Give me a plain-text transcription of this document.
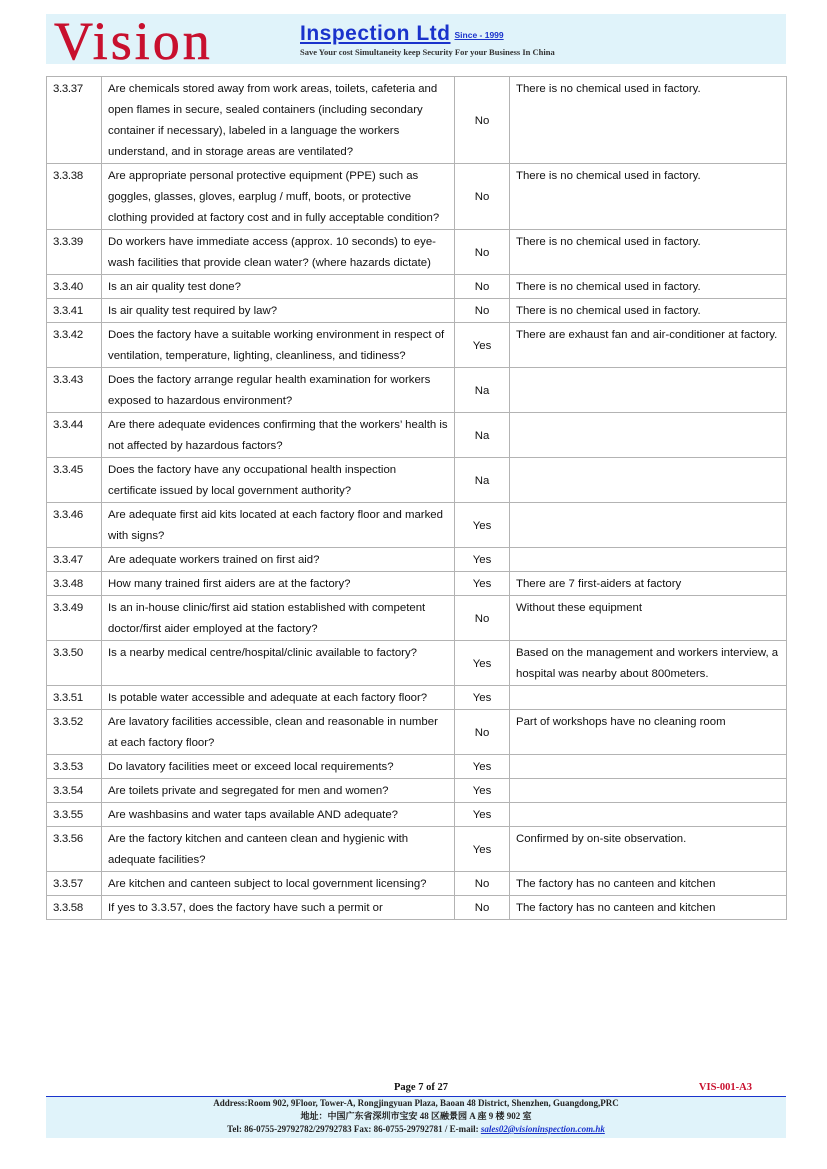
Vision	Inspection Ltd Since - 1999
Save Your cost Simultaneity keep Security For your Business In China
3.3.37	Are chemicals stored away from work areas, toilets, cafeteria and open flames in secure, sealed containers (including secondary container if necessary), labeled in a language the workers understand, and in storage areas are ventilated?	No	There is no chemical used in factory.
3.3.38	Are appropriate personal protective equipment (PPE) such as goggles, glasses, gloves, earplug / muff, boots, or protective clothing provided at factory cost and in fully acceptable condition?	No	There is no chemical used in factory.
3.3.39	Do workers have immediate access (approx. 10 seconds) to eye-wash facilities that provide clean water? (where hazards dictate)	No	There is no chemical used in factory.
3.3.40	Is an air quality test done?	No	There is no chemical used in factory.
3.3.41	Is air quality test required by law?	No	There is no chemical used in factory.
3.3.42	Does the factory have a suitable working environment in respect of ventilation, temperature, lighting, cleanliness, and tidiness?	Yes	There are exhaust fan and air-conditioner at factory.
3.3.43	Does the factory arrange regular health examination for workers exposed to hazardous environment?	Na	
3.3.44	Are there adequate evidences confirming that the workers’ health is not affected by hazardous factors?	Na	
3.3.45	Does the factory have any occupational health inspection certificate issued by local government authority?	Na	
3.3.46	Are adequate first aid kits located at each factory floor and marked with signs?	Yes	
3.3.47	Are adequate workers trained on first aid?	Yes	
3.3.48	How many trained first aiders are at the factory?	Yes	There are 7 first-aiders at factory
3.3.49	Is an in-house clinic/first aid station established with competent doctor/first aider employed at the factory?	No	Without these equipment
3.3.50	Is a nearby medical centre/hospital/clinic available to factory?	Yes	Based on the management and workers interview, a hospital was nearby about 800meters.
3.3.51	Is potable water accessible and adequate at each factory floor?	Yes	
3.3.52	Are lavatory facilities accessible, clean and reasonable in number at each factory floor?	No	Part of workshops have no cleaning room
3.3.53	Do lavatory facilities meet or exceed local requirements?	Yes	
3.3.54	Are toilets private and segregated for men and women?	Yes	
3.3.55	Are washbasins and water taps available AND adequate?	Yes	
3.3.56	Are the factory kitchen and canteen clean and hygienic with adequate facilities?	Yes	Confirmed by on-site observation.
3.3.57	Are kitchen and canteen subject to local government licensing?	No	The factory has no canteen and kitchen
3.3.58	If yes to 3.3.57, does the factory have such a permit or	No	The factory has no canteen and kitchen
Page 7 of 27	VIS-001-A3
Address:Room 902, 9Floor, Tower-A, Rongjingyuan Plaza, Baoan 48 District, Shenzhen, Guangdong,PRC
地址：中国广东省深圳市宝安 48 区融景园 A 座 9 楼 902 室
Tel: 86-0755-29792782/29792783 Fax: 86-0755-29792781 / E-mail: sales02@visioninspection.com.hk
